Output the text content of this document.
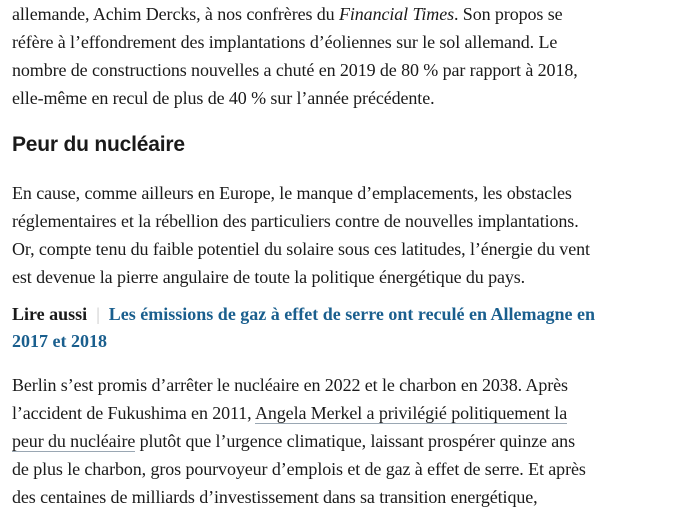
allemande, Achim Dercks, à nos confrères du Financial Times. Son propos se
réfère à l’effondrement des implantations d’éoliennes sur le sol allemand. Le
nombre de constructions nouvelles a chuté en 2019 de 80 % par rapport à 2018,
elle-même en recul de plus de 40 % sur l’année précédente.

Peur du nucléaire

En cause, comme ailleurs en Europe, le manque d’emplacements, les obstacles
réglementaires et la rébellion des particuliers contre de nouvelles implantations.
Or, compte tenu du faible potentiel du solaire sous ces latitudes, l’énergie du vent
est devenue la pierre angulaire de toute la politique énergétique du pays.

Lire aussi | Les émissions de gaz à effet de serre ont reculé en Allemagne en
2017 et 2018

Berlin s’est promis d’arrêter le nucléaire en 2022 et le charbon en 2038. Après
l’accident de Fukushima en 2011, Angela Merkel a privilégié politiquement la
peur du nucléaire plutôt que l’urgence climatique, laissant prospérer quinze ans
de plus le charbon, gros pourvoyeur d’emplois et de gaz à effet de serre. Et après
des centaines de milliards d’investissement dans sa transition energétique,
